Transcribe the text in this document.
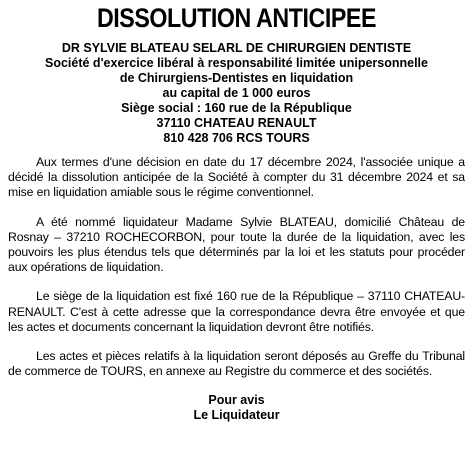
DISSOLUTION ANTICIPEE
DR SYLVIE BLATEAU SELARL DE CHIRURGIEN DENTISTE
Société d'exercice libéral à responsabilité limitée unipersonnelle
de Chirurgiens-Dentistes en liquidation
au capital de 1 000 euros
Siège social : 160 rue de la République
37110 CHATEAU RENAULT
810 428 706 RCS TOURS

Aux termes d'une décision en date du 17 décembre 2024, l'associée unique a décidé la dissolution anticipée de la Société à compter du 31 décembre 2024 et sa mise en liquidation amiable sous le régime conventionnel.

A été nommé liquidateur Madame Sylvie BLATEAU, domicilié Château de Rosnay – 37210 ROCHECORBON, pour toute la durée de la liquidation, avec les pouvoirs les plus étendus tels que déterminés par la loi et les statuts pour procéder aux opérations de liquidation.

Le siège de la liquidation est fixé 160 rue de la République – 37110 CHATEAU-RENAULT. C'est à cette adresse que la correspondance devra être envoyée et que les actes et documents concernant la liquidation devront être notifiés.

Les actes et pièces relatifs à la liquidation seront déposés au Greffe du Tribunal de commerce de TOURS, en annexe au Registre du commerce et des sociétés.

Pour avis
Le Liquidateur
